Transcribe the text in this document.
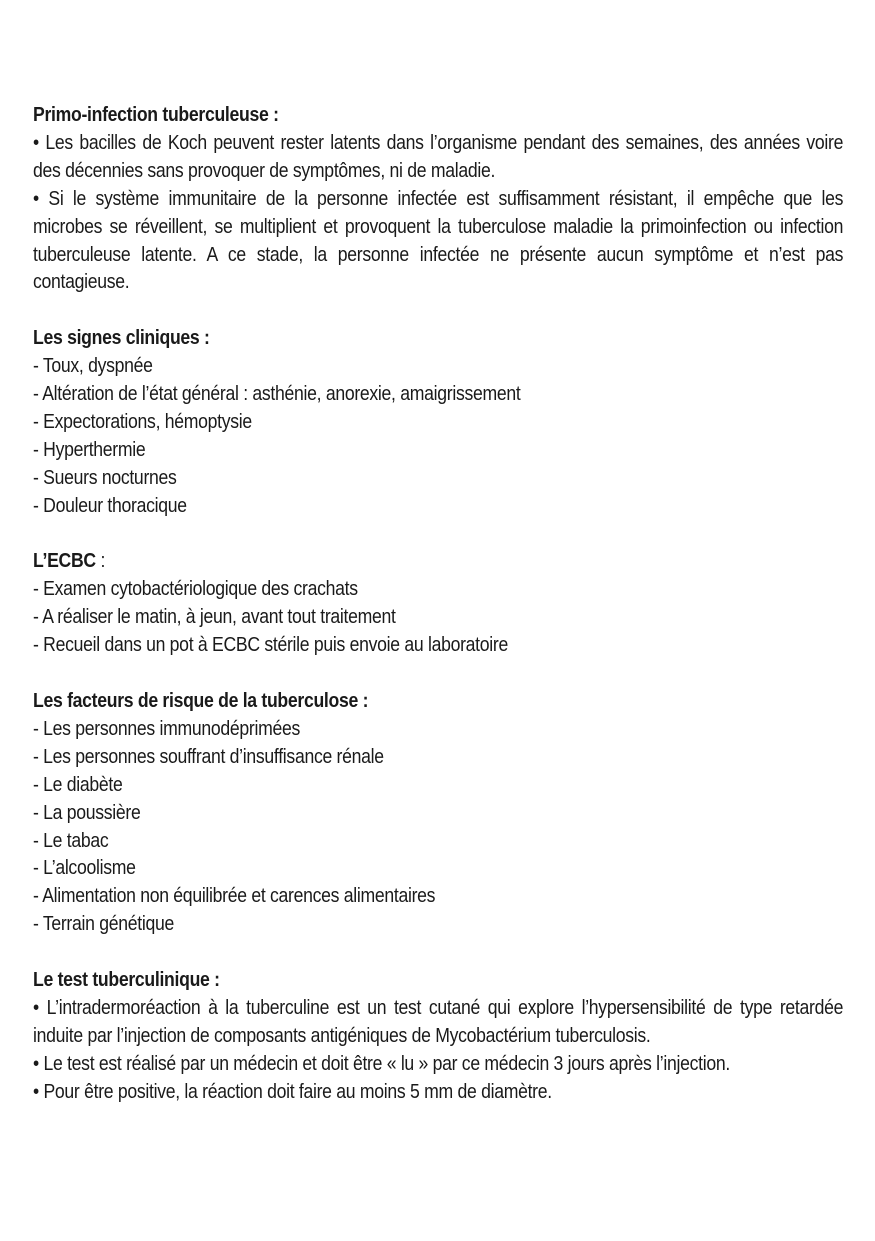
Primo-infection tuberculeuse :

• Les bacilles de Koch peuvent rester latents dans l’organisme pendant des semaines, des années voire des décennies sans provoquer de symptômes, ni de maladie.

• Si le système immunitaire de la personne infectée est suffisamment résistant, il empêche que les microbes se réveillent, se multiplient et provoquent la tuberculose maladie la primoinfection ou infection tuberculeuse latente. A ce stade, la personne infectée ne présente aucun symptôme et n’est pas contagieuse.

Les signes cliniques :

- Toux, dyspnée

- Altération de l’état général : asthénie, anorexie, amaigrissement

- Expectorations, hémoptysie

- Hyperthermie

- Sueurs nocturnes

- Douleur thoracique

L’ECBC :

- Examen cytobactériologique des crachats

- A réaliser le matin, à jeun, avant tout traitement

- Recueil dans un pot à ECBC stérile puis envoie au laboratoire

Les facteurs de risque de la tuberculose :

- Les personnes immunodéprimées

- Les personnes souffrant d’insuffisance rénale

- Le diabète

- La poussière

- Le tabac

- L’alcoolisme

- Alimentation non équilibrée et carences alimentaires

- Terrain génétique

Le test tuberculinique :

• L’intradermoréaction à la tuberculine est un test cutané qui explore l’hypersensibilité de type retardée induite par l’injection de composants antigéniques de Mycobactérium tuberculosis.

• Le test est réalisé par un médecin et doit être « lu » par ce médecin 3 jours après l’injection.

• Pour être positive, la réaction doit faire au moins 5 mm de diamètre.
